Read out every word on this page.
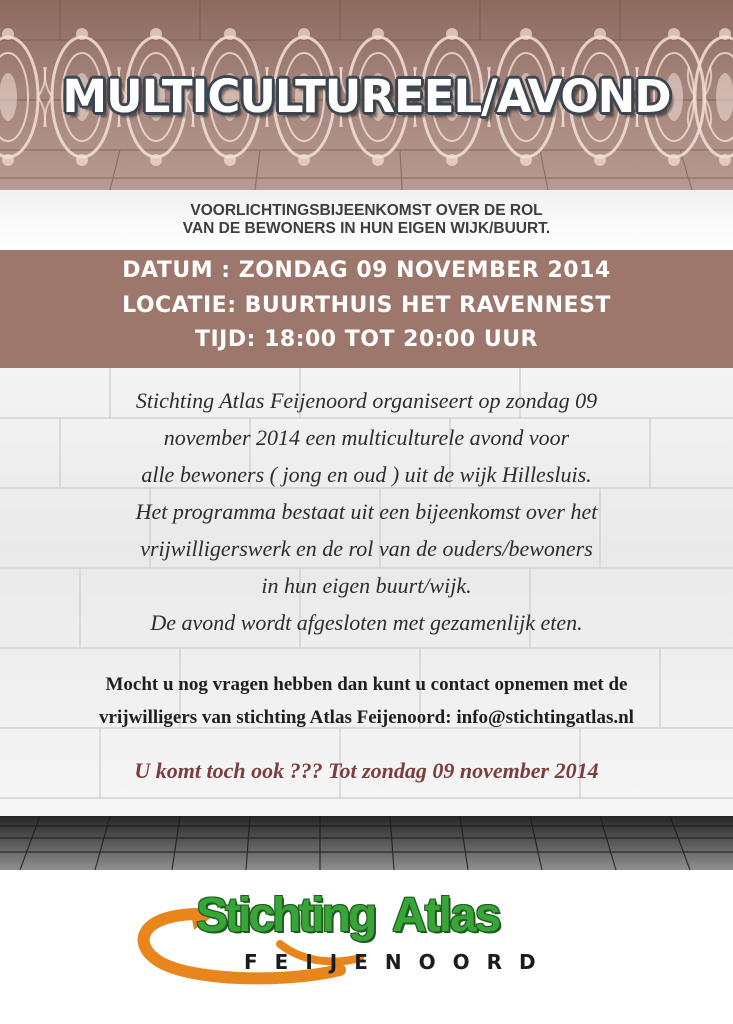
MULTICULTUREEL/AVOND
VOORLICHTINGSBIJEENKOMST OVER DE ROL
VAN DE BEWONERS IN HUN EIGEN WIJK/BUURT.
DATUM : ZONDAG 09 NOVEMBER 2014
LOCATIE: BUURTHUIS HET RAVENNEST
TIJD: 18:00 TOT 20:00 UUR
Stichting Atlas Feijenoord organiseert op zondag 09
november 2014 een multiculturele avond voor
alle bewoners ( jong en oud ) uit de wijk Hillesluis.
Het programma bestaat uit een bijeenkomst over het
vrijwilligerswerk en de rol van de ouders/bewoners
in hun eigen buurt/wijk.
De avond wordt afgesloten met gezamenlijk eten.
Mocht u nog vragen hebben dan kunt u contact opnemen met de
vrijwilligers van stichting Atlas Feijenoord: info@stichtingatlas.nl
U komt toch ook ??? Tot zondag 09 november 2014
Stichting Atlas
FEIJENOORD
